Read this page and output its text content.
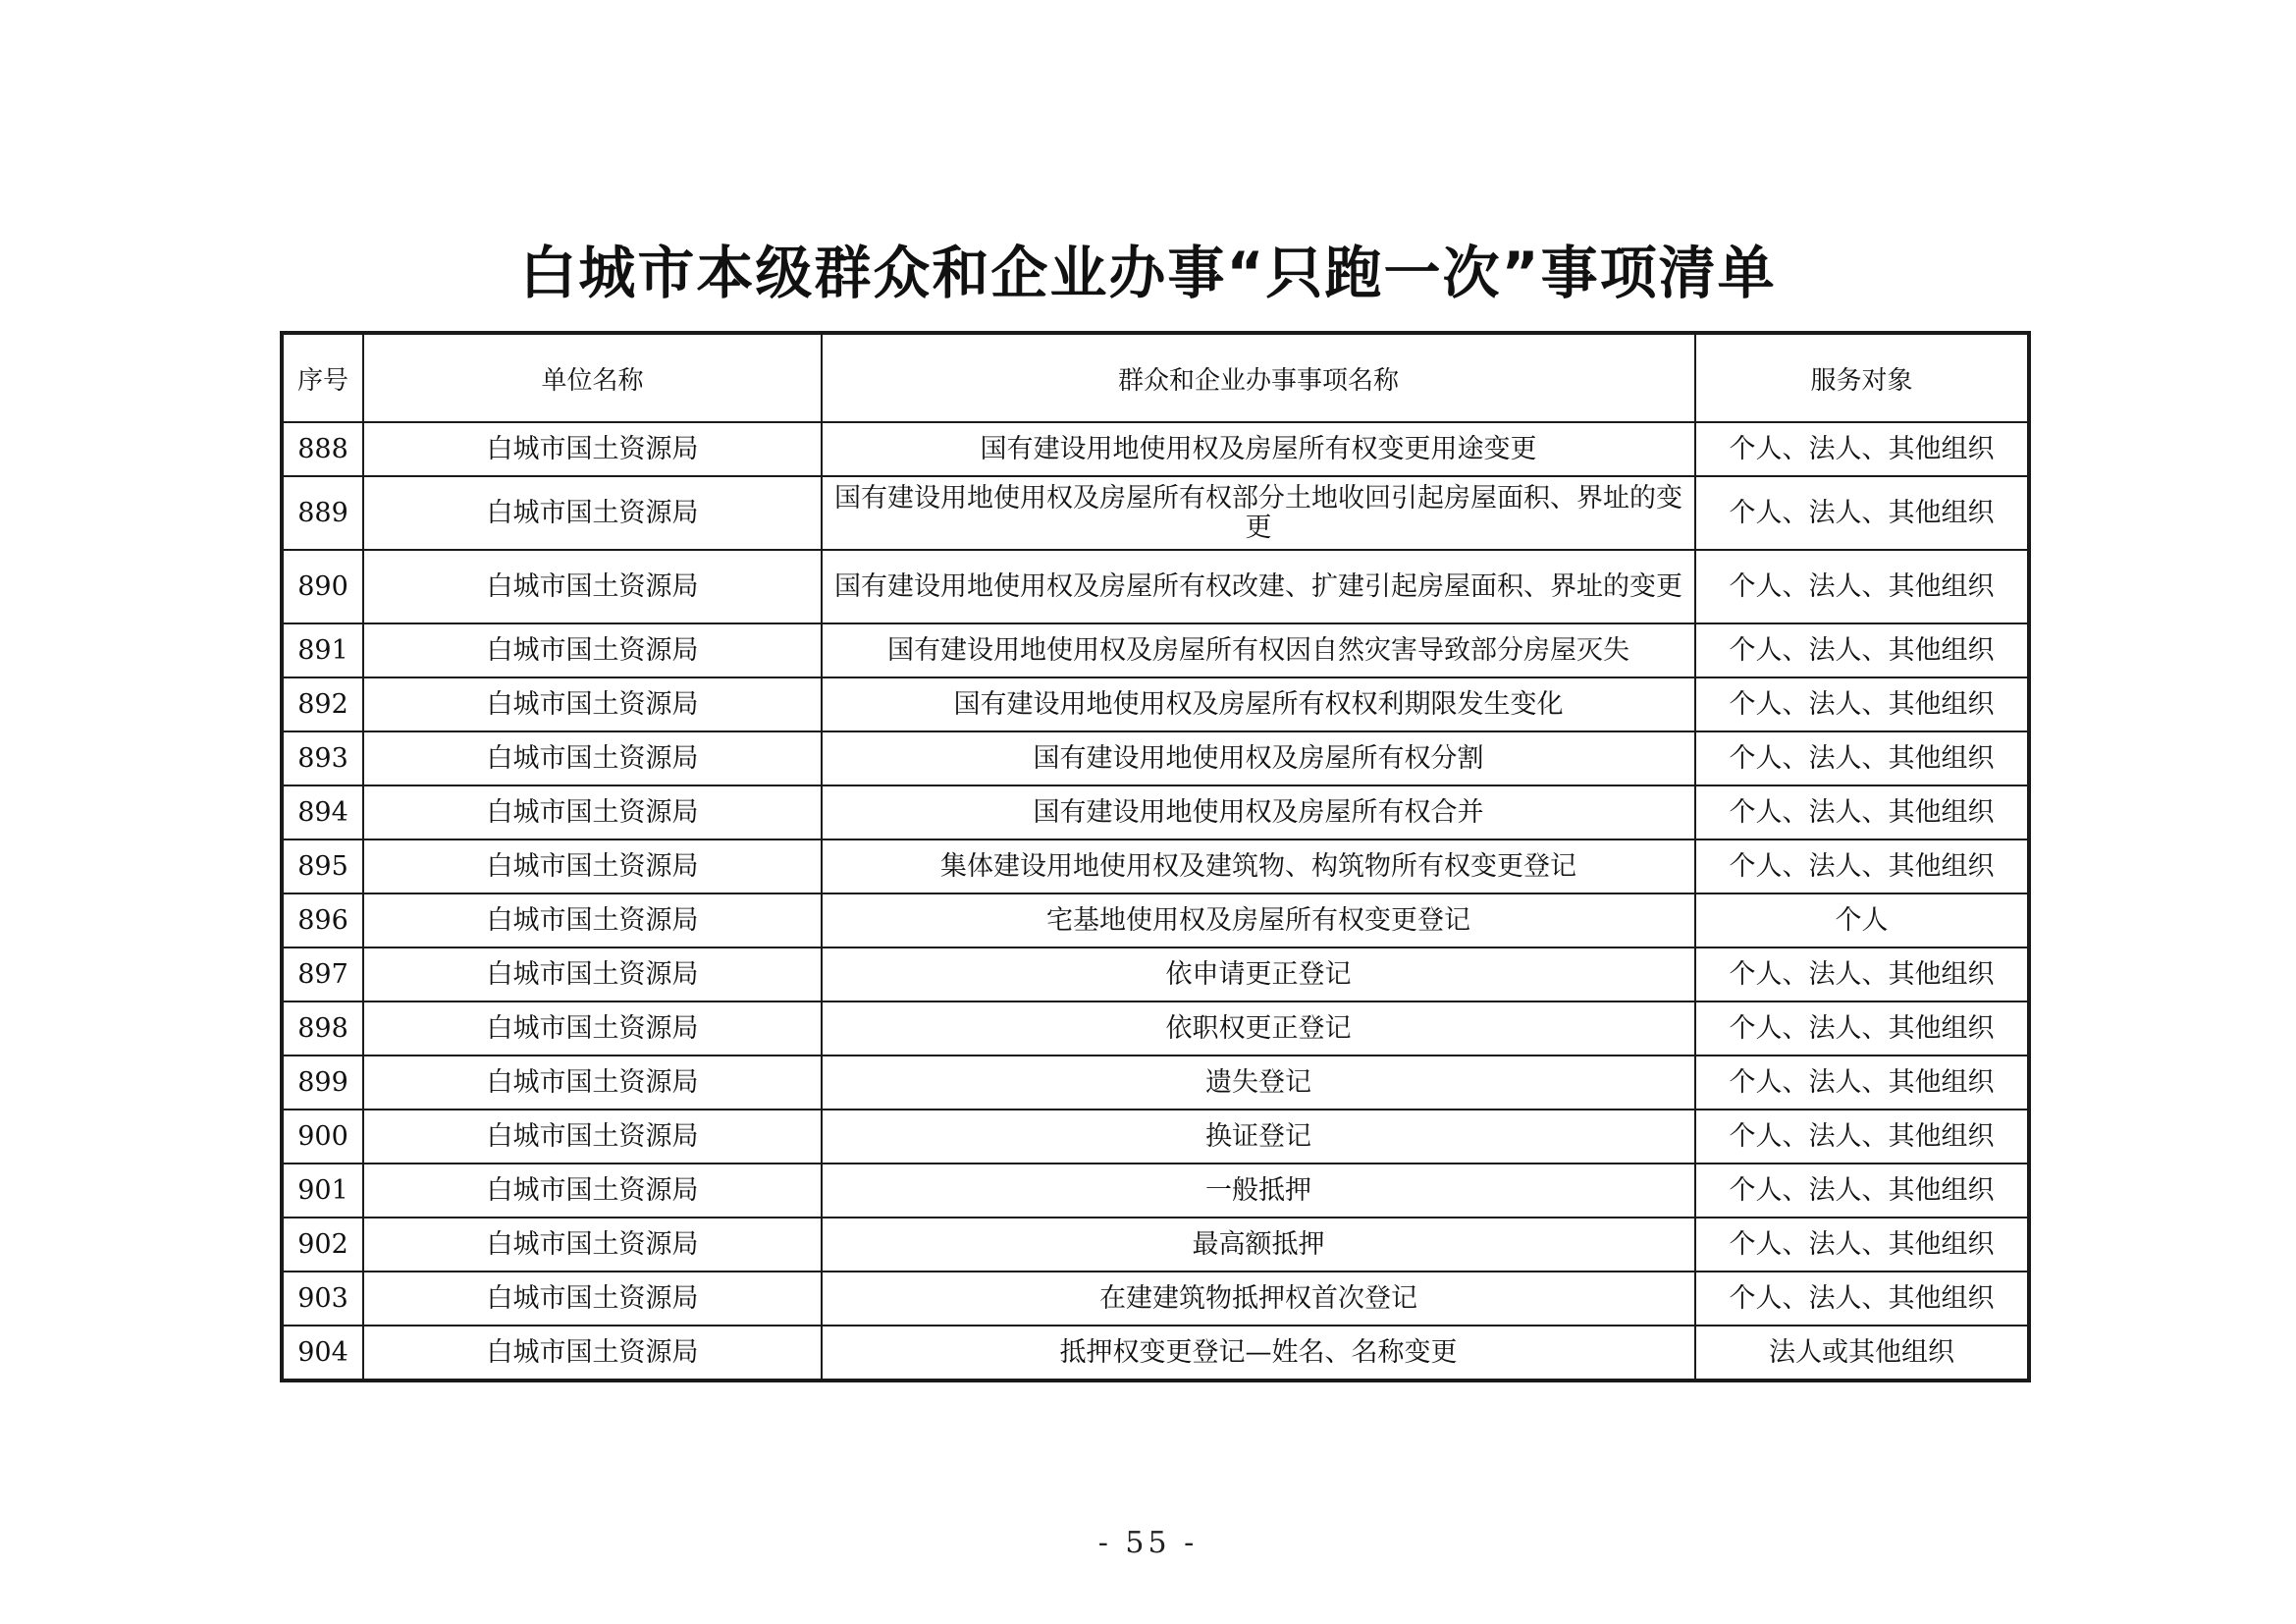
白城市本级群众和企业办事“只跑一次”事项清单
序号	单位名称	群众和企业办事事项名称	服务对象
888	白城市国土资源局	国有建设用地使用权及房屋所有权变更用途变更	个人、法人、其他组织
889	白城市国土资源局	国有建设用地使用权及房屋所有权部分土地收回引起房屋面积、界址的变更	个人、法人、其他组织
890	白城市国土资源局	国有建设用地使用权及房屋所有权改建、扩建引起房屋面积、界址的变更	个人、法人、其他组织
891	白城市国土资源局	国有建设用地使用权及房屋所有权因自然灾害导致部分房屋灭失	个人、法人、其他组织
892	白城市国土资源局	国有建设用地使用权及房屋所有权权利期限发生变化	个人、法人、其他组织
893	白城市国土资源局	国有建设用地使用权及房屋所有权分割	个人、法人、其他组织
894	白城市国土资源局	国有建设用地使用权及房屋所有权合并	个人、法人、其他组织
895	白城市国土资源局	集体建设用地使用权及建筑物、构筑物所有权变更登记	个人、法人、其他组织
896	白城市国土资源局	宅基地使用权及房屋所有权变更登记	个人
897	白城市国土资源局	依申请更正登记	个人、法人、其他组织
898	白城市国土资源局	依职权更正登记	个人、法人、其他组织
899	白城市国土资源局	遗失登记	个人、法人、其他组织
900	白城市国土资源局	换证登记	个人、法人、其他组织
901	白城市国土资源局	一般抵押	个人、法人、其他组织
902	白城市国土资源局	最高额抵押	个人、法人、其他组织
903	白城市国土资源局	在建建筑物抵押权首次登记	个人、法人、其他组织
904	白城市国土资源局	抵押权变更登记—姓名、名称变更	法人或其他组织
- 55 -
